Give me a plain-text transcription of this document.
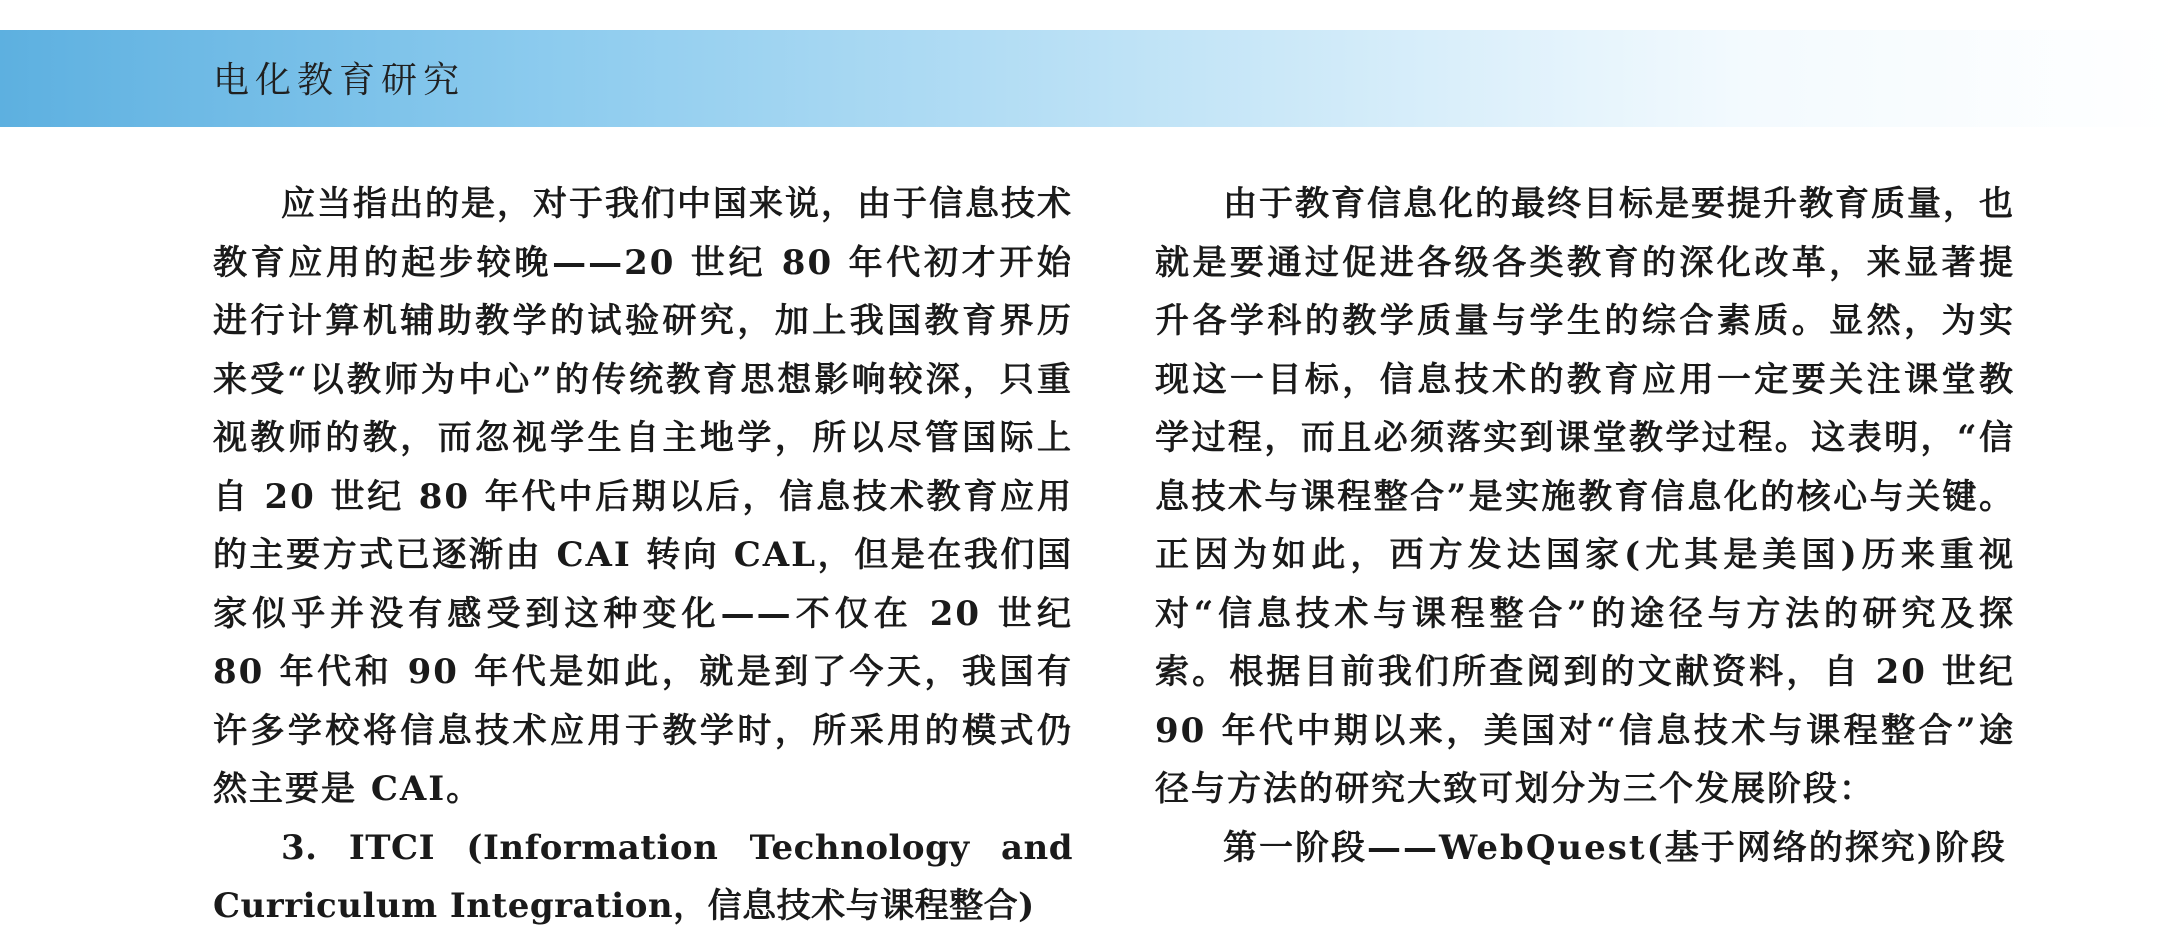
电化教育研究

应当指出的是，对于我们中国来说，由于信息技术教育应用的起步较晚——20 世纪 80 年代初才开始进行计算机辅助教学的试验研究，加上我国教育界历来受“以教师为中心”的传统教育思想影响较深，只重视教师的教，而忽视学生自主地学，所以尽管国际上自 20 世纪 80 年代中后期以后，信息技术教育应用的主要方式已逐渐由 CAI 转向 CAL，但是在我们国家似乎并没有感受到这种变化——不仅在 20 世纪 80 年代和 90 年代是如此，就是到了今天，我国有许多学校将信息技术应用于教学时，所采用的模式仍然主要是 CAI。

3. ITCI (Information Technology and Curriculum Integration，信息技术与课程整合)

由于教育信息化的最终目标是要提升教育质量，也就是要通过促进各级各类教育的深化改革，来显著提升各学科的教学质量与学生的综合素质。显然，为实现这一目标，信息技术的教育应用一定要关注课堂教学过程，而且必须落实到课堂教学过程。这表明，“信息技术与课程整合”是实施教育信息化的核心与关键。正因为如此，西方发达国家(尤其是美国)历来重视对“信息技术与课程整合”的途径与方法的研究及探索。根据目前我们所查阅到的文献资料，自 20 世纪 90 年代中期以来，美国对“信息技术与课程整合”途径与方法的研究大致可划分为三个发展阶段：

第一阶段——WebQuest(基于网络的探究)阶段
